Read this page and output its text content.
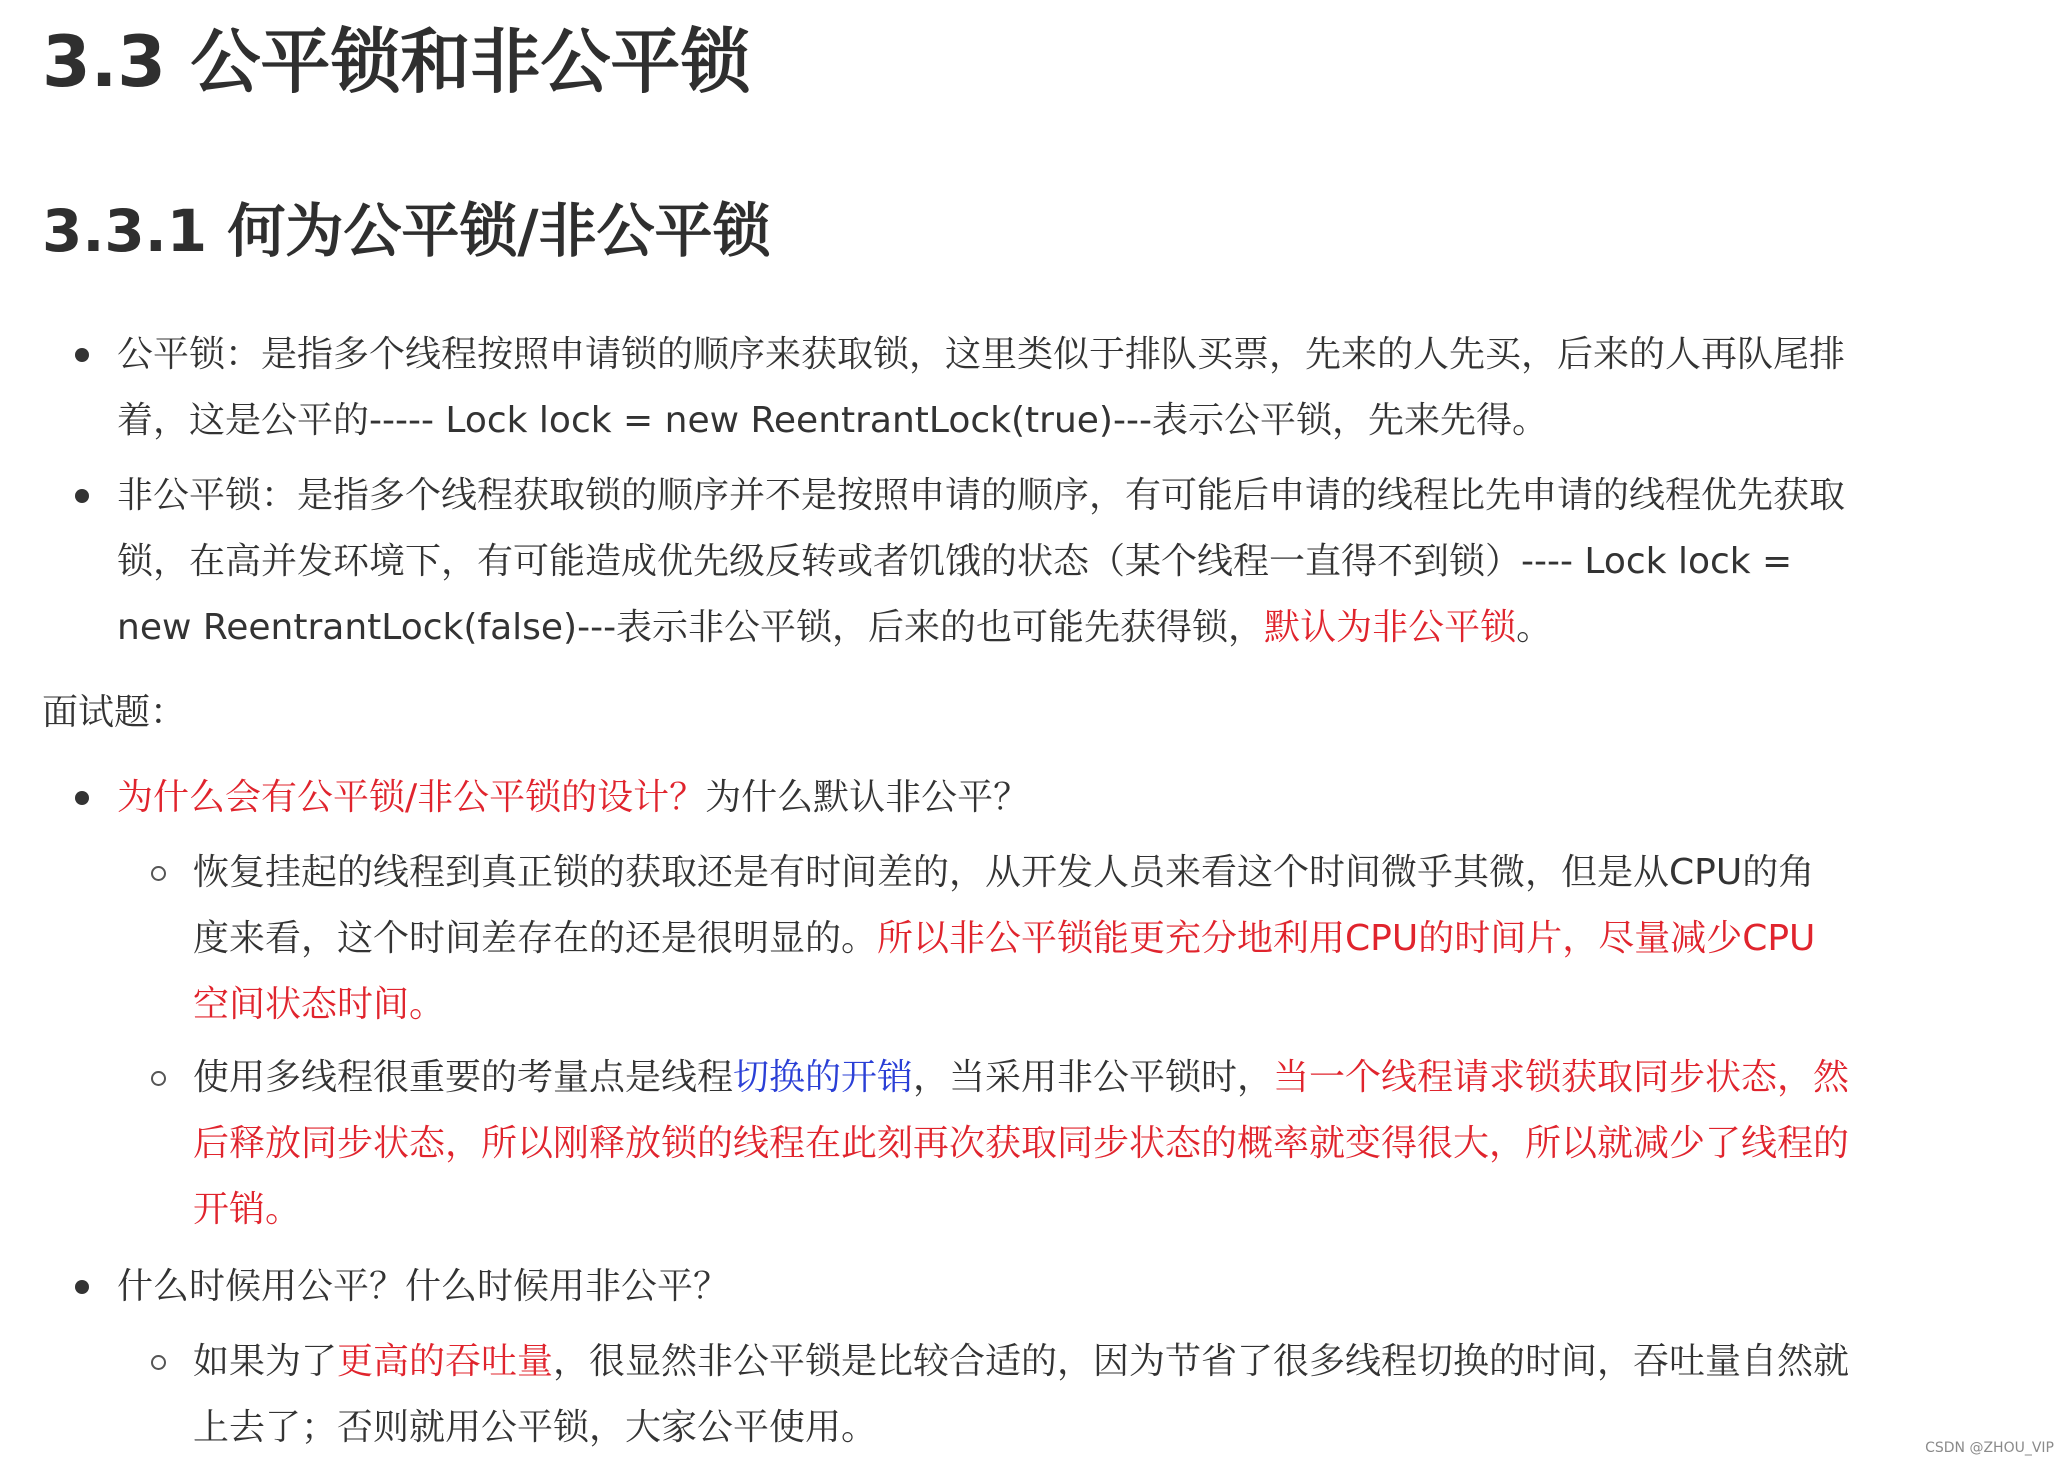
3.3 公平锁和非公平锁
3.3.1 何为公平锁/非公平锁

公平锁：是指多个线程按照申请锁的顺序来获取锁，这里类似于排队买票，先来的人先买，后来的人再队尾排

着，这是公平的----- Lock lock = new ReentrantLock(true)---表示公平锁，先来先得。

非公平锁：是指多个线程获取锁的顺序并不是按照申请的顺序，有可能后申请的线程比先申请的线程优先获取

锁，在高并发环境下，有可能造成优先级反转或者饥饿的状态（某个线程一直得不到锁）---- Lock lock =

new ReentrantLock(false)---表示非公平锁，后来的也可能先获得锁，默认为非公平锁。

面试题：

为什么会有公平锁/非公平锁的设计？为什么默认非公平？

恢复挂起的线程到真正锁的获取还是有时间差的，从开发人员来看这个时间微乎其微，但是从CPU的角

度来看，这个时间差存在的还是很明显的。所以非公平锁能更充分地利用CPU的时间片，尽量减少CPU

空间状态时间。

使用多线程很重要的考量点是线程切换的开销，当采用非公平锁时，当一个线程请求锁获取同步状态，然

后释放同步状态，所以刚释放锁的线程在此刻再次获取同步状态的概率就变得很大，所以就减少了线程的

开销。

什么时候用公平？什么时候用非公平？

如果为了更高的吞吐量，很显然非公平锁是比较合适的，因为节省了很多线程切换的时间，吞吐量自然就

上去了；否则就用公平锁，大家公平使用。	CSDN @ZHOU_VIP
